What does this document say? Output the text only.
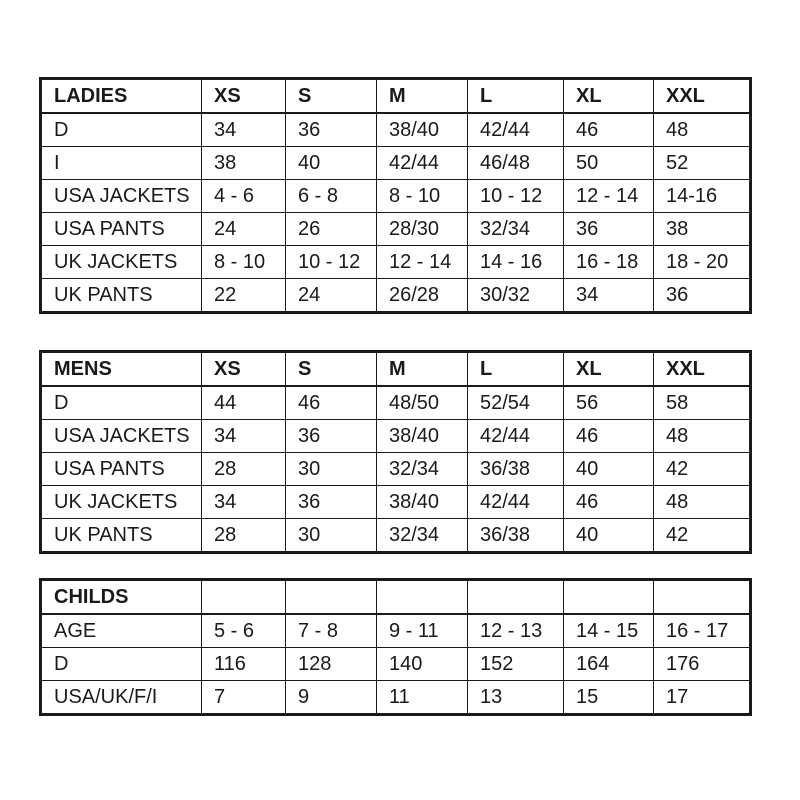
LADIES	XS	S	M	L	XL	XXL
D	34	36	38/40	42/44	46	48
I	38	40	42/44	46/48	50	52
USA JACKETS	4 - 6	6 - 8	8 - 10	10 - 12	12 - 14	14-16
USA PANTS	24	26	28/30	32/34	36	38
UK JACKETS	8 - 10	10 - 12	12 - 14	14 - 16	16 - 18	18 - 20
UK PANTS	22	24	26/28	30/32	34	36
MENS	XS	S	M	L	XL	XXL
D	44	46	48/50	52/54	56	58
USA JACKETS	34	36	38/40	42/44	46	48
USA PANTS	28	30	32/34	36/38	40	42
UK JACKETS	34	36	38/40	42/44	46	48
UK PANTS	28	30	32/34	36/38	40	42
CHILDS						
AGE	5 - 6	7 - 8	9 - 11	12 - 13	14 - 15	16 - 17
D	116	128	140	152	164	176
USA/UK/F/I	7	9	11	13	15	17
